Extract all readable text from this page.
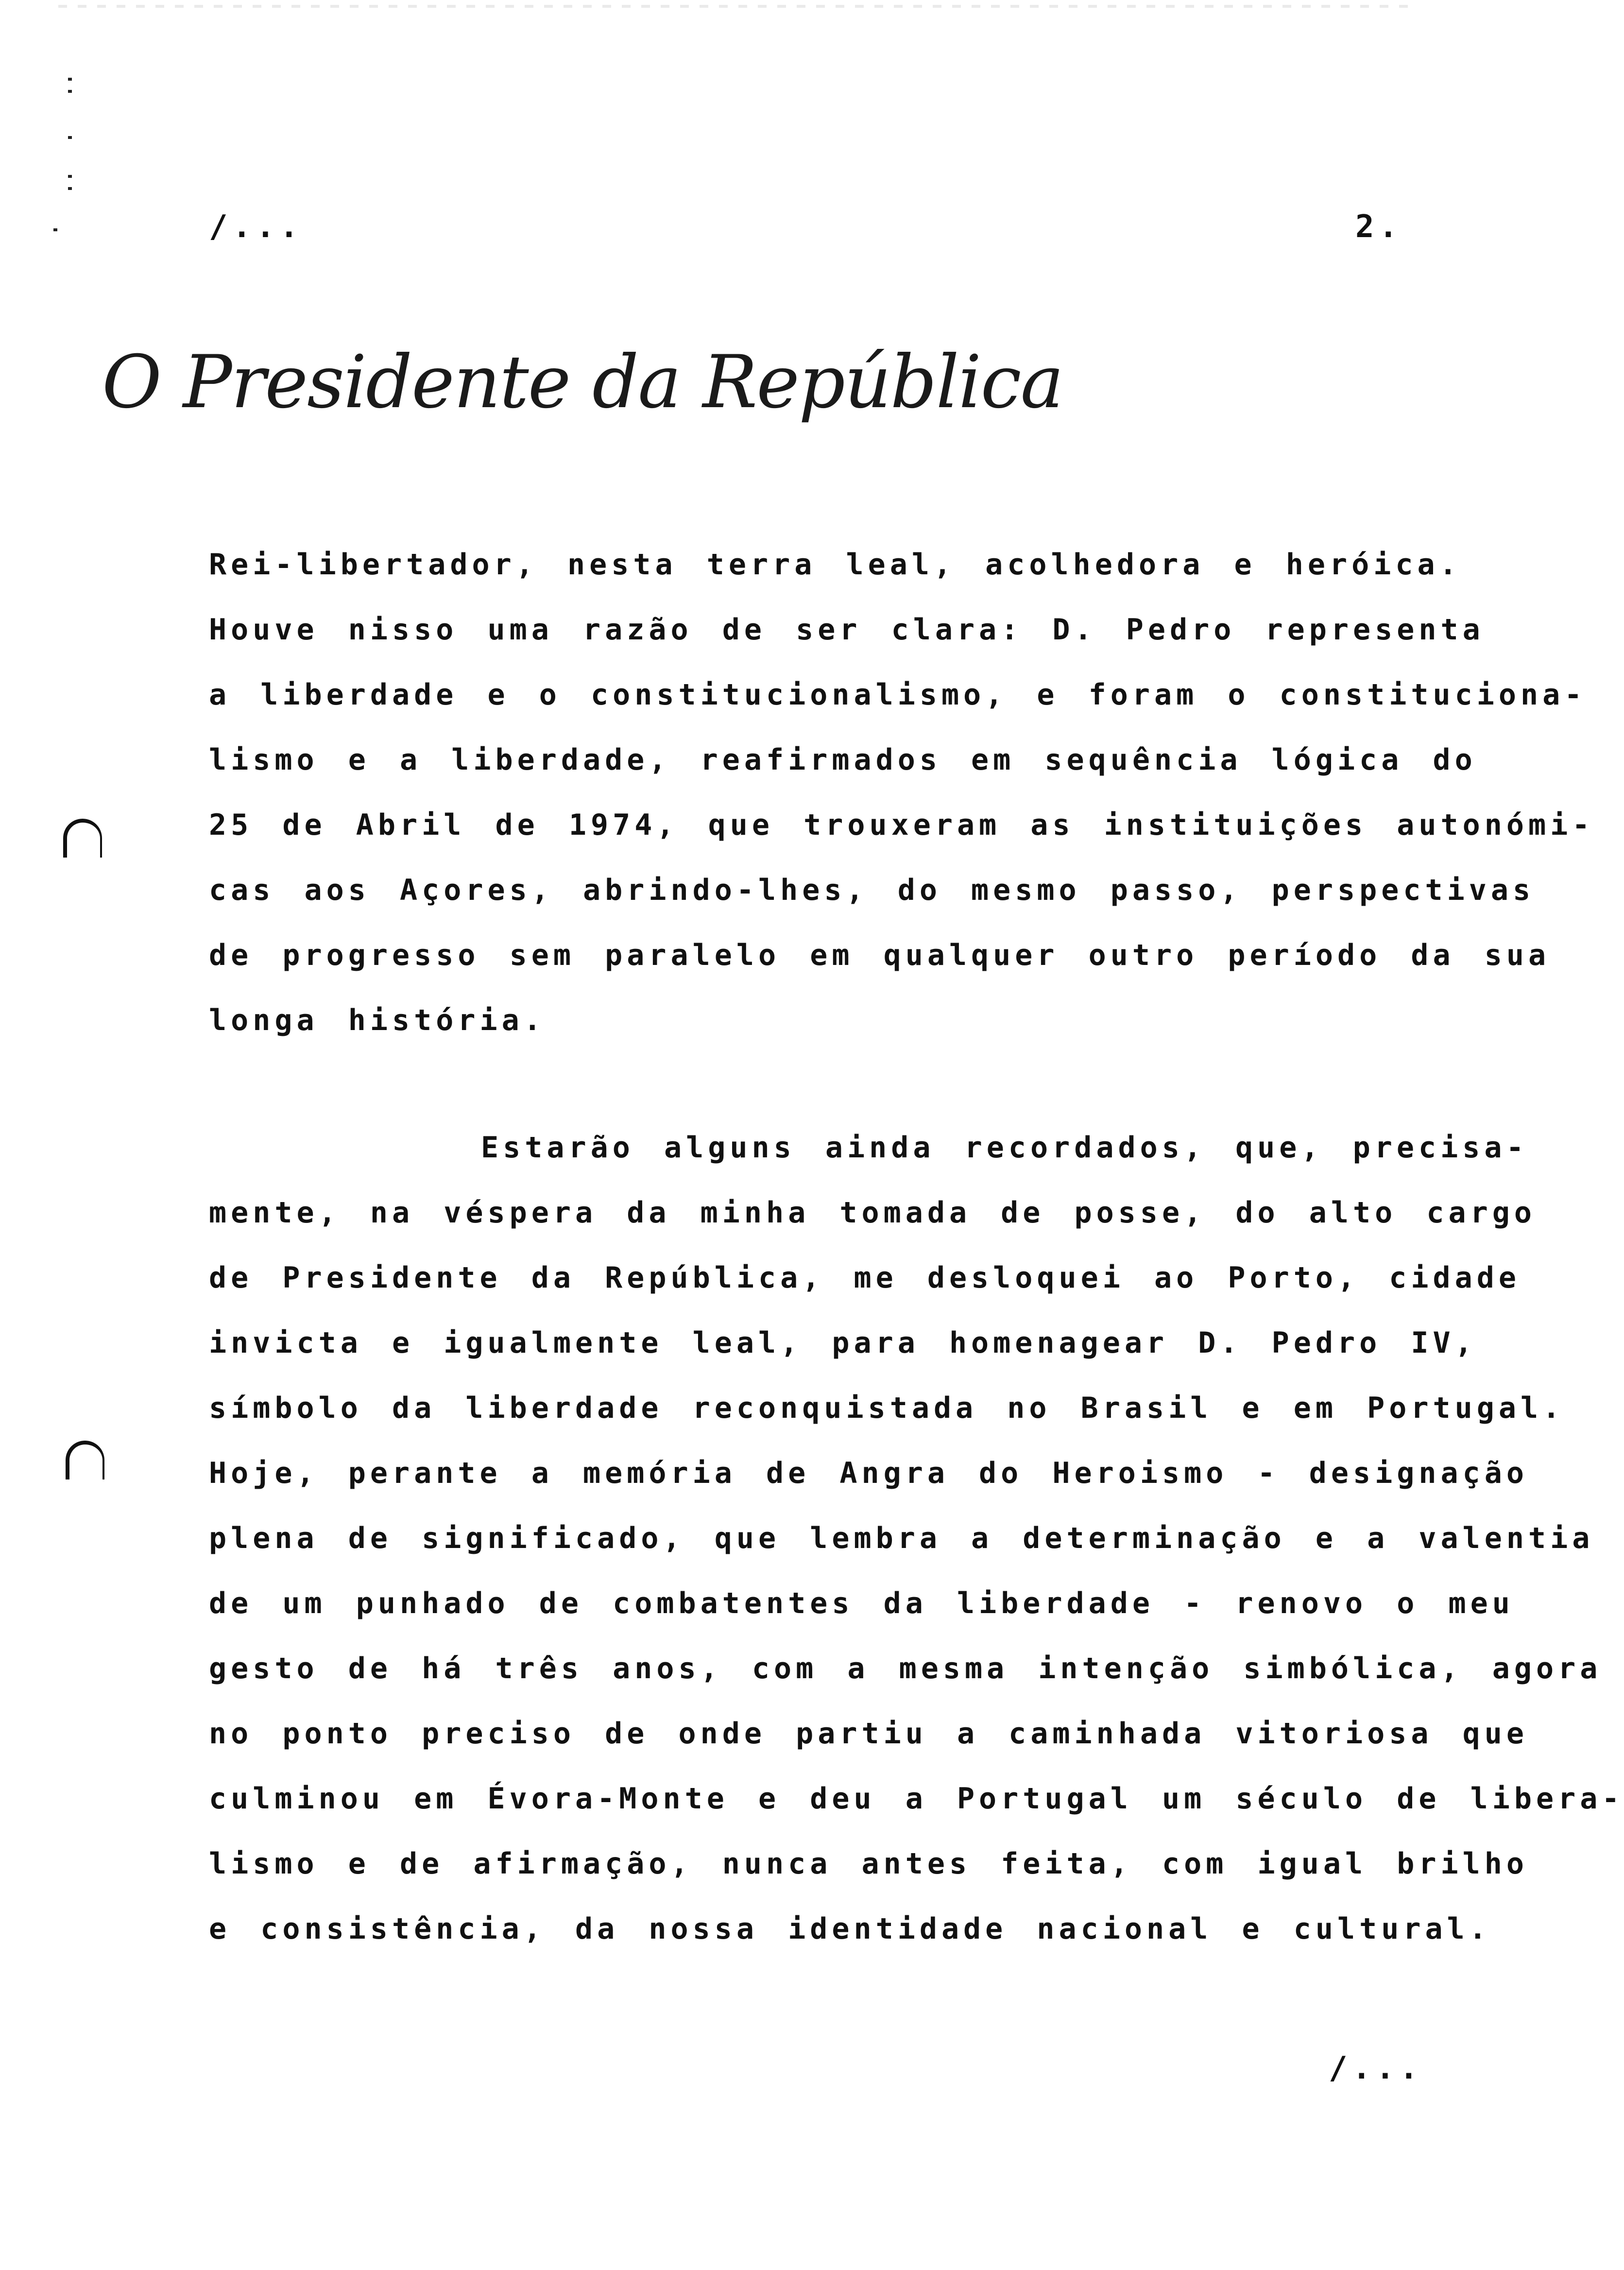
/...	2.
O Presidente da República
Rei-libertador, nesta terra leal, acolhedora e heróica.
Houve nisso uma razão de ser clara: D. Pedro representa
a liberdade e o constitucionalismo, e foram o constituciona-
lismo e a liberdade, reafirmados em sequência lógica do
25 de Abril de 1974, que trouxeram as instituições autonómi-
cas aos Açores, abrindo-lhes, do mesmo passo, perspectivas
de progresso sem paralelo em qualquer outro período da sua
longa história.
Estarão alguns ainda recordados, que, precisa-
mente, na véspera da minha tomada de posse, do alto cargo
de Presidente da República, me desloquei ao Porto, cidade
invicta e igualmente leal, para homenagear D. Pedro IV,
símbolo da liberdade reconquistada no Brasil e em Portugal.
Hoje, perante a memória de Angra do Heroismo - designação
plena de significado, que lembra a determinação e a valentia
de um punhado de combatentes da liberdade - renovo o meu
gesto de há três anos, com a mesma intenção simbólica, agora
no ponto preciso de onde partiu a caminhada vitoriosa que
culminou em Évora-Monte e deu a Portugal um século de libera-
lismo e de afirmação, nunca antes feita, com igual brilho
e consistência, da nossa identidade nacional e cultural.
/...
